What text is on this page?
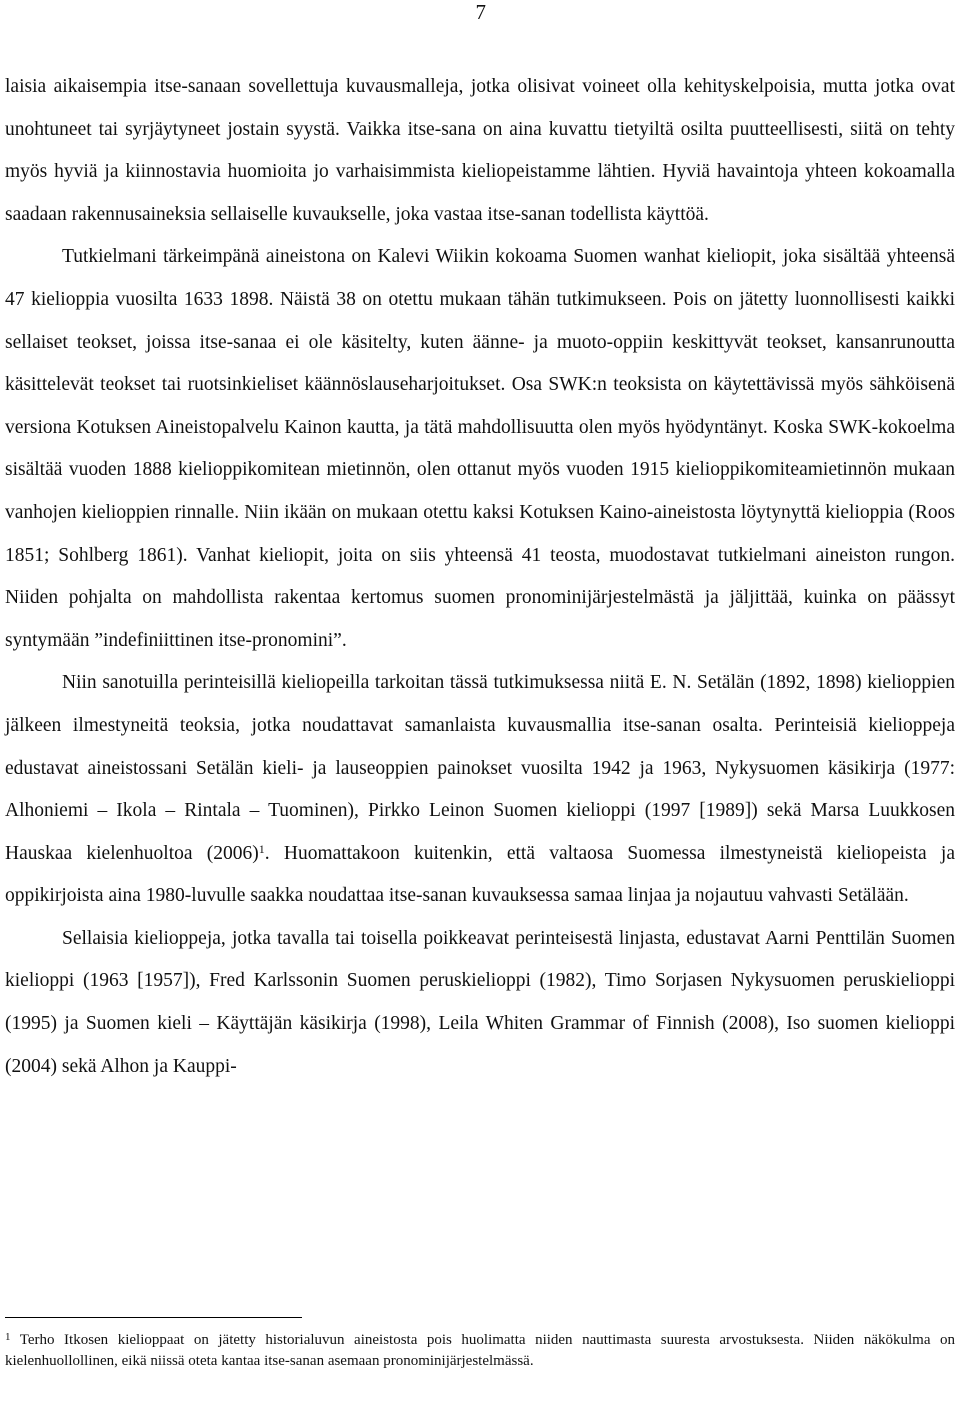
7

laisia aikaisempia itse-sanaan sovellettuja kuvausmalleja, jotka olisivat voineet olla kehityskelpoisia, mutta jotka ovat unohtuneet tai syrjäytyneet jostain syystä. Vaikka itse-sana on aina kuvattu tietyiltä osilta puutteellisesti, siitä on tehty myös hyviä ja kiinnostavia huomioita jo varhaisimmista kieliopeistamme lähtien. Hyviä havaintoja yhteen kokoamalla saadaan rakennusaineksia sellaiselle kuvaukselle, joka vastaa itse-sanan todellista käyttöä.

Tutkielmani tärkeimpänä aineistona on Kalevi Wiikin kokoama Suomen wanhat kieliopit, joka sisältää yhteensä 47 kielioppia vuosilta 1633 1898. Näistä 38 on otettu mukaan tähän tutkimukseen. Pois on jätetty luonnollisesti kaikki sellaiset teokset, joissa itse-sanaa ei ole käsitelty, kuten äänne- ja muoto-oppiin keskittyvät teokset, kansanrunoutta käsittelevät teokset tai ruotsinkieliset käännöslauseharjoitukset. Osa SWK:n teoksista on käytettävissä myös sähköisenä versiona Kotuksen Aineistopalvelu Kainon kautta, ja tätä mahdollisuutta olen myös hyödyntänyt. Koska SWK-kokoelma sisältää vuoden 1888 kielioppikomitean mietinnön, olen ottanut myös vuoden 1915 kielioppikomiteamietinnön mukaan vanhojen kielioppien rinnalle. Niin ikään on mukaan otettu kaksi Kotuksen Kaino-aineistosta löytynyttä kielioppia (Roos 1851; Sohlberg 1861). Vanhat kieliopit, joita on siis yhteensä 41 teosta, muodostavat tutkielmani aineiston rungon. Niiden pohjalta on mahdollista rakentaa kertomus suomen pronominijärjestelmästä ja jäljittää, kuinka on päässyt syntymään ”indefiniittinen itse-pronomini”.

Niin sanotuilla perinteisillä kieliopeilla tarkoitan tässä tutkimuksessa niitä E. N. Setälän (1892, 1898) kielioppien jälkeen ilmestyneitä teoksia, jotka noudattavat samanlaista kuvausmallia itse-sanan osalta. Perinteisiä kielioppeja edustavat aineistossani Setälän kieli- ja lauseoppien painokset vuosilta 1942 ja 1963, Nykysuomen käsikirja (1977: Alhoniemi – Ikola – Rintala – Tuominen), Pirkko Leinon Suomen kielioppi (1997 [1989]) sekä Marsa Luukkosen Hauskaa kielenhuoltoa $(2006)^1$. Huomattakoon kuitenkin, että valtaosa Suomessa ilmestyneistä kieliopeista ja oppikirjoista aina 1980-luvulle saakka noudattaa itse-sanan kuvauksessa samaa linjaa ja nojautuu vahvasti Setälään.

Sellaisia kielioppeja, jotka tavalla tai toisella poikkeavat perinteisestä linjasta, edustavat Aarni Penttilän Suomen kielioppi (1963 [1957]), Fred Karlssonin Suomen peruskielioppi (1982), Timo Sorjasen Nykysuomen peruskielioppi (1995) ja Suomen kieli – Käyttäjän käsikirja (1998), Leila Whiten Grammar of Finnish (2008), Iso suomen kielioppi (2004) sekä Alhon ja Kauppi-

$^1$ Terho Itkosen kielioppaat on jätetty historialuvun aineistosta pois huolimatta niiden nauttimasta suuresta arvostuksesta. Niiden näkökulma on kielenhuollollinen, eikä niissä oteta kantaa itse-sanan asemaan pronominijärjestelmässä.
